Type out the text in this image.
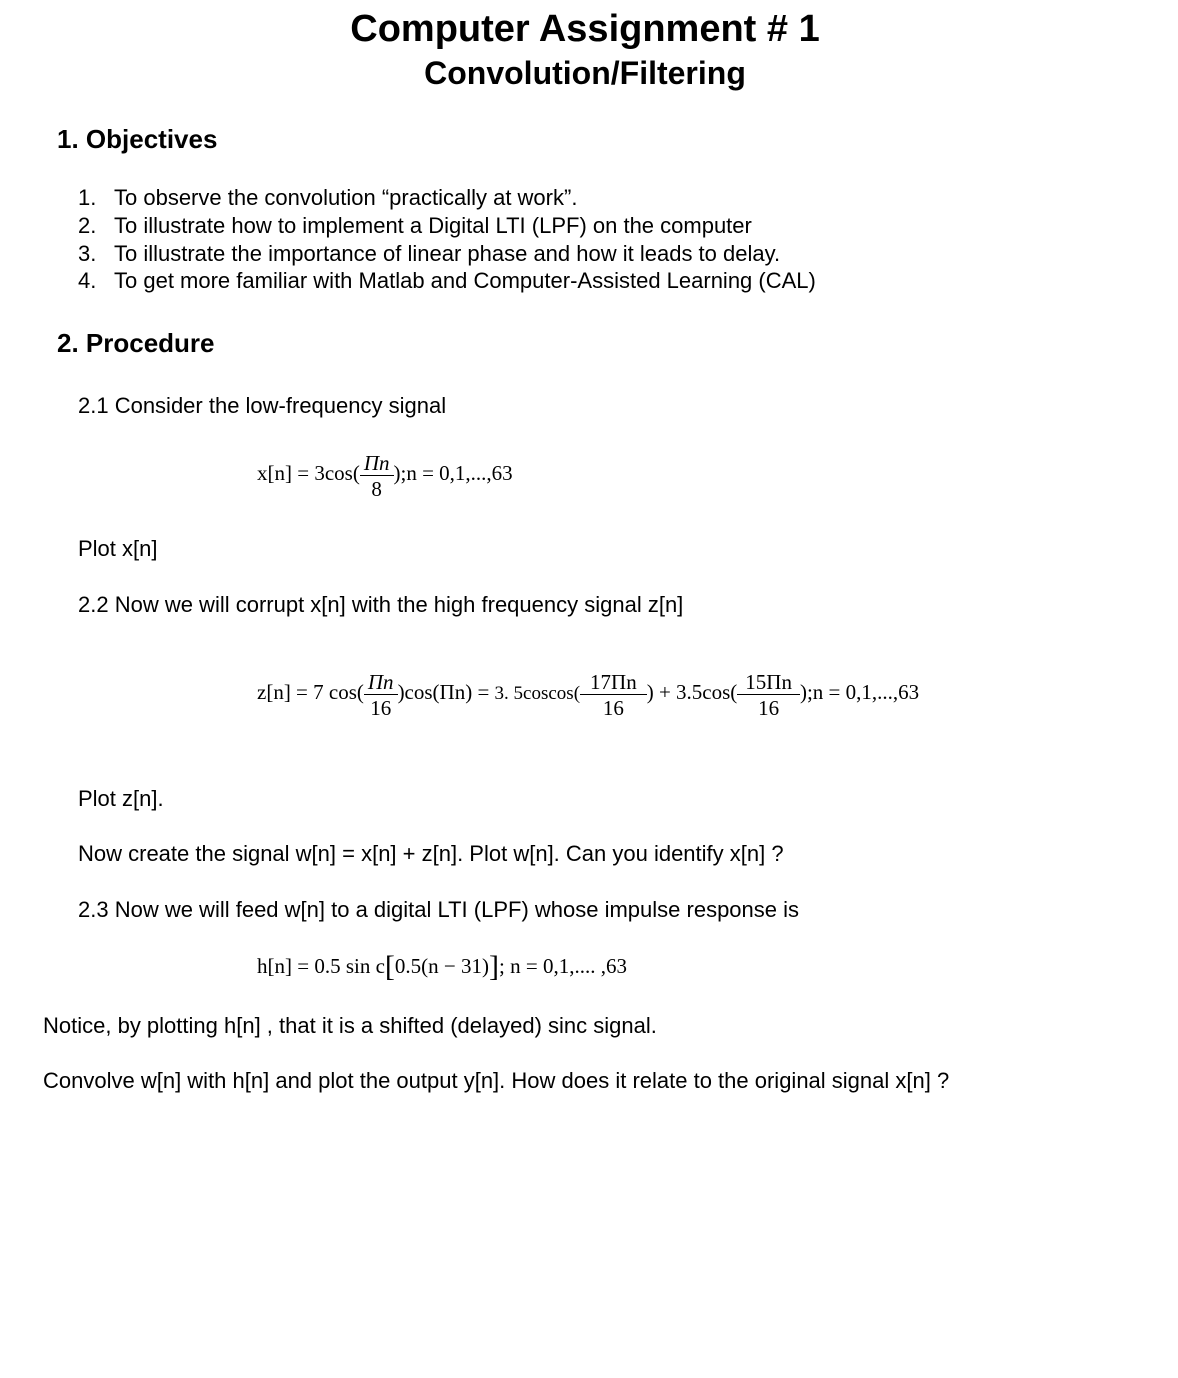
Computer Assignment # 1
Convolution/Filtering
1. Objectives
1. To observe the convolution “practically at work”.
2. To illustrate how to implement a Digital LTI (LPF) on the computer
3. To illustrate the importance of linear phase and how it leads to delay.
4. To get more familiar with Matlab and Computer-Assisted Learning (CAL)
2. Procedure
2.1 Consider the low-frequency signal
$x[n] = 3\cos( \frac{\Pi n}{8}$ );n = 0,1,...,63
Plot x[n]
2.2 Now we will corrupt x[n] with the high frequency signal z[n]
z[n] = 7 $\cos( \frac{\Pi n}{16} )\cos(\Pi n) = 3$. $5coscos( \frac{17\Pi n}{16}$ ) + $3.5\cos( \frac{15\Pi n}{16}$ );n = 0,1,...,63
Plot z[n].
Now create the signal w[n] = x[n] + z[n]. Plot w[n]. Can you identify x[n] ?
2.3 Now we will feed w[n] to a digital LTI (LPF) whose impulse response is
h[n] = 0.5 sin c[0.5(n − 31)]; n = 0,1,.... ,63
Notice, by plotting h[n] , that it is a shifted (delayed) sinc signal.
Convolve w[n] with h[n] and plot the output y[n]. How does it relate to the original signal x[n] ?
